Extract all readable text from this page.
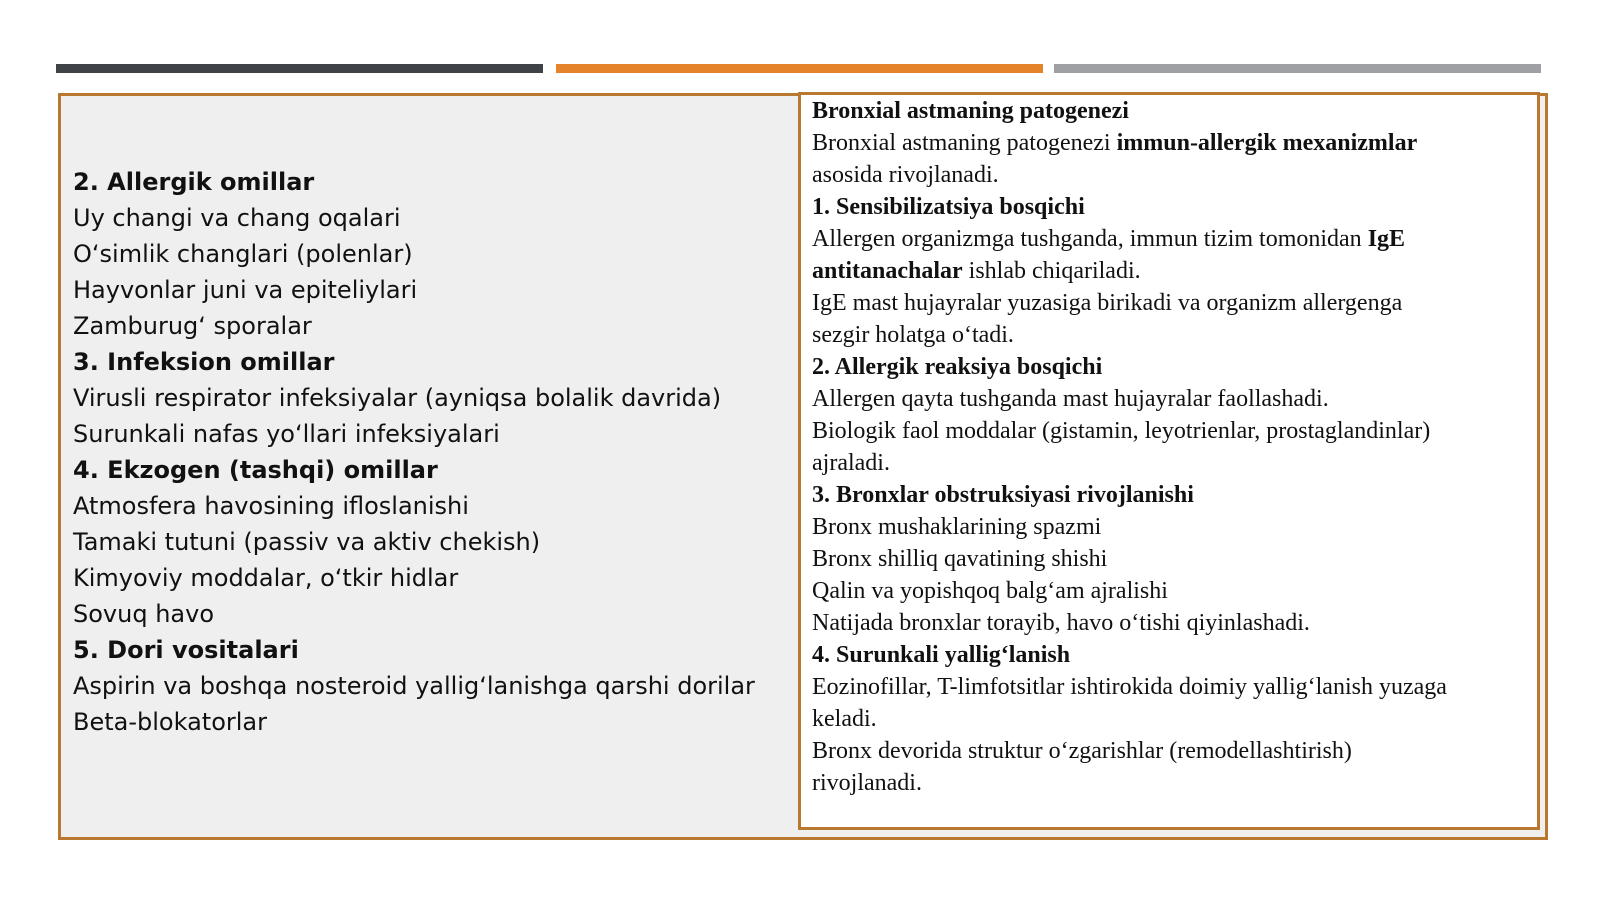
2. Allergik omillar
Uy changi va chang oqalari
O‘simlik changlari (polenlar)
Hayvonlar juni va epiteliylari
Zamburug‘ sporalar
3. Infeksion omillar
Virusli respirator infeksiyalar (ayniqsa bolalik davrida)
Surunkali nafas yo‘llari infeksiyalari
4. Ekzogen (tashqi) omillar
Atmosfera havosining ifloslanishi
Tamaki tutuni (passiv va aktiv chekish)
Kimyoviy moddalar, o‘tkir hidlar
Sovuq havo
5. Dori vositalari
Aspirin va boshqa nosteroid yallig‘lanishga qarshi dorilar
Beta-blokatorlar
Bronxial astmaning patogenezi
Bronxial astmaning patogenezi immun-allergik mexanizmlar
asosida rivojlanadi.
1. Sensibilizatsiya bosqichi
Allergen organizmga tushganda, immun tizim tomonidan IgE
antitanachalar ishlab chiqariladi.
IgE mast hujayralar yuzasiga birikadi va organizm allergenga
sezgir holatga o‘tadi.
2. Allergik reaksiya bosqichi
Allergen qayta tushganda mast hujayralar faollashadi.
Biologik faol moddalar (gistamin, leyotrienlar, prostaglandinlar)
ajraladi.
3. Bronxlar obstruksiyasi rivojlanishi
Bronx mushaklarining spazmi
Bronx shilliq qavatining shishi
Qalin va yopishqoq balg‘am ajralishi
Natijada bronxlar torayib, havo o‘tishi qiyinlashadi.
4. Surunkali yallig‘lanish
Eozinofillar, T-limfotsitlar ishtirokida doimiy yallig‘lanish yuzaga
keladi.
Bronx devorida struktur o‘zgarishlar (remodellashtirish)
rivojlanadi.
